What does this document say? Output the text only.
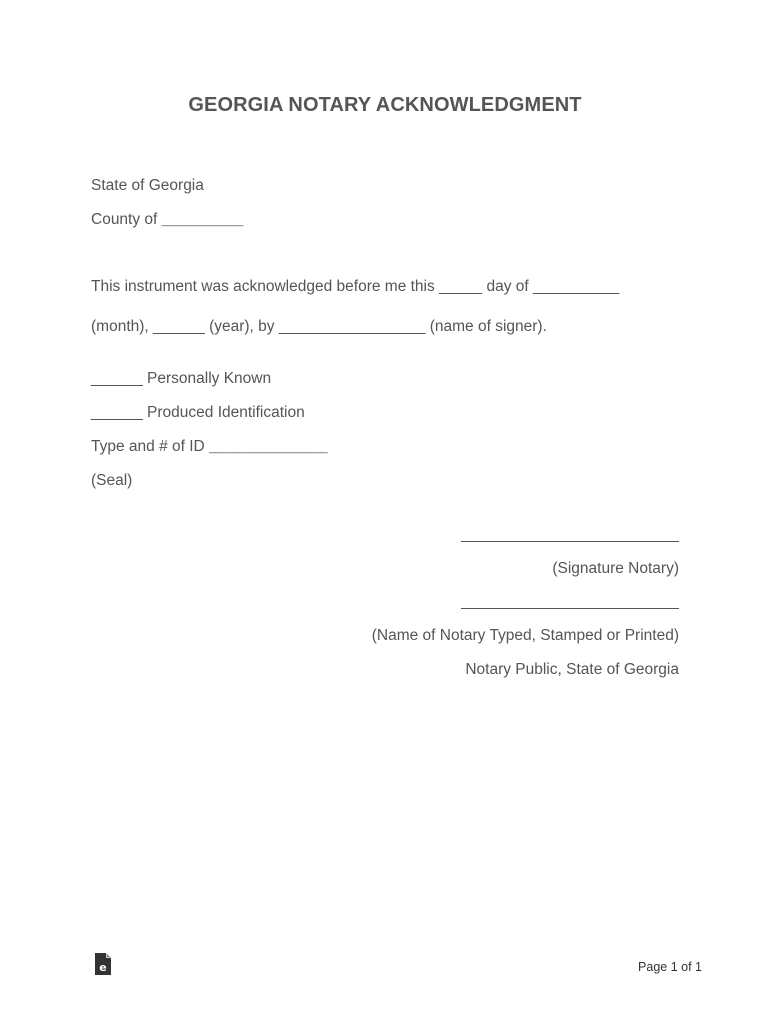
GEORGIA NOTARY ACKNOWLEDGMENT
State of Georgia
County of ______________
This instrument was acknowledged before me this _____ day of __________
(month), ______ (year), by _________________ (name of signer).
______ Personally Known
______ Produced Identification
Type and # of ID ____________________
(Seal)
(Signature Notary)
(Name of Notary Typed, Stamped or Printed)
Notary Public, State of Georgia
e	Page 1 of 1
